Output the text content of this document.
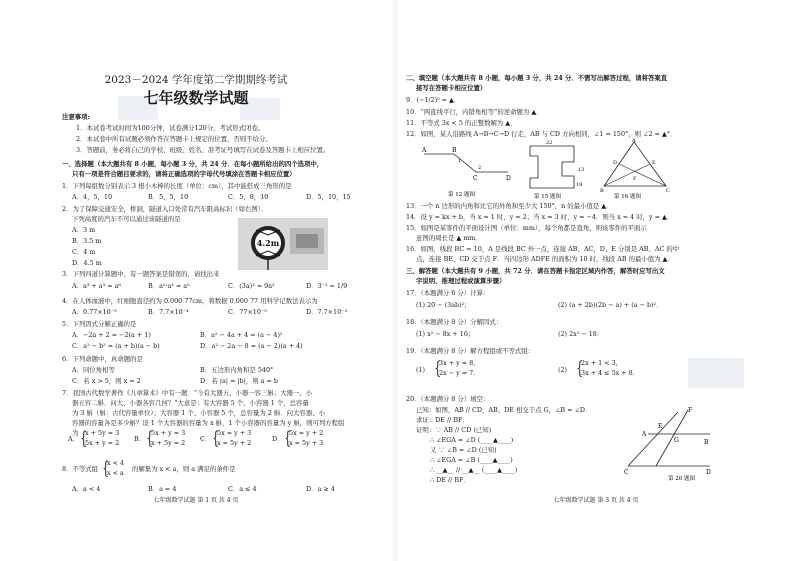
2023－2024 学年度第二学期期终考试
七年级数学试题
注意事项:
1．本试卷考试时间为100分钟，试卷满分120分，考试形式闭卷。
2．本试卷中所有试题必须作答在答题卡上规定的位置，否则不给分。
3．答题前，务必将自己的学校、班级、姓名、准考证号填写在试卷及答题卡上相应位置。
一、选择题（本大题共有 8 小题，每小题 3 分，共 24 分．在每小题所给出的四个选项中，
只有一项是符合题目要求的，请将正确选项的字母代号填涂在答题卡相应位置）
1．下列每组数分别表示 3 根小木棒的长度（单位：cm），其中能搭成三角形的是
A．4，5，10	B．5，5，10	C．5，8，10	D．5，10，15
2．为了保障交通安全，桥洞，隧道入口处常有汽车限高标识（如右图）．
下列高度的汽车不可以通过该隧道的是
A．3 m
B．3.5 m
C．4 m
D．4.5 m
4.2m
3．下列四道计算题中，有一题答案是错误的，请找出来
A．a³ + a³ = a⁶	B．a²·a³ = a⁵	C．(3a)² = 9a²	D．3⁻² = 1/9
4．在人体血液中，红细胞直径约为 0.000 77cm，将数据 0.000 77 用科学记数法表示为
A．0.77×10⁻⁵	B．7.7×10⁻⁴	C．77×10⁻⁵	D．7.7×10⁻³
5．下列因式分解正确的是
A．−2a + 2 = −2(a + 1)	B．a² − 4a + 4 = (a − 4)²
C．a² − b² = (a + b)(a − b)	D．a² − 2a − 8 = (a − 2)(a + 4)
6．下列命题中，真命题的是
A．同位角相等	B．五边形内角和是 540°
C．若 x > 5，则 x = 2	D．若 |a| = |b|，则 a = b
7．我国古代数学著作《九章算术》中有一题：“今有大器五、小器一容三斛；大器一、小
器五容二斛．问大、小器各容几何？”大意是：有大容器 5 个、小容器 1 个，总容量
为 3 斛（斛：古代容量单位）；大容器 1 个、小容器 5 个，总容量为 2 斛．问大容器、小
容器的容量各是多少斛？设 1 个大容器的容量为 x 斛，1 个小容器的容量为 y 斛，则可列方程组
为
A． {
x + 5y = 3
5x + y = 2 B． {
5x + y = 3
x + 5y = 2 C． {
5x = y + 3
x = 5y + 2	D． {
5x = y + 2
x = 5y + 3
8．不等式组 {
x < 4
x < a 的解集为 x < a，则 a 满足的条件是
A．a < 4	B．a = 4	C．a ≤ 4	D．a ≥ 4
七年级数学试题 第 1 页 共 4 页
二、填空题（本大题共有 8 小题，每小题 3 分，共 24 分．不需写出解答过程，请将答案直
接写在答题卡相应位置）
9．(−1/2)⁰ = ▲．
10．“两直线平行，内错角相等”的逆命题为 ▲．
11．不等式 3x < 5 的正整数解为 ▲．
12．如图，某人沿路线 A→B→C→D 行走，AB 与 CD 方向相同，∠1 = 150°，则 ∠2 = ▲°．
A	B
C	D
1
2
第 12 题图
22
13
18
第 15 题图
A
B	C
D	E
F
第 16 题图
13．一个 n 边形的内角和比它的外角和至少大 150°，n 的最小值是 ▲．
14．设 y = kx + b，当 x = 1 时，y = 2；当 x = 3 时，y = −4．则当 x = 4 时，y = ▲．
15．如图是某零件的平面设计图（单位：mm），每个角都是直角，则该零件的平面示
意图的周长是 ▲ mm．
16．如图，线段 BC = 10，A 是线段 BC 外一点，连接 AB、AC，D、E 分别是 AB、AC 的中
点，连接 BE、CD 交于点 F．当四边形 ADFE 的面积为 10 时，线段 AB 的最小值为 ▲．
三、解答题（本大题共有 9 小题，共 72 分．请在答题卡指定区域内作答，解答时应写出文
字说明、推理过程或演算步骤）
17．（本题满分 6 分）计算：
(1) 20 − (3ab)²；	(2) (a + 2b)(2b − a) + (a − b)²．
18．（本题满分 8 分）分解因式：
(1) x² − 8x + 16；	(2) 2x² − 18．
19．（本题满分 8 分）解方程组或不等式组：
(1) {
3x + y = 8,
2x − y = 7．	(2) {
2x + 1 < 3,
3x + 4 ≤ 5x + 8．
20．（本题满分 8 分）填空：
已知：如图，AB // CD，AB、DE 相交于点 G，∠B = ∠D．
求证：DE // BF．
证明：∵ AB // CD (已知)
∴ ∠EGA = ∠D (____▲____)
又 ∵ ∠B = ∠D (已知)
∴ ∠EGA = ∠B (____▲____)
∴ __▲__ // __▲__ (____▲____)
∴ DE // BF．
A
B
C	D
E
F
G
第 20 题图
七年级数学试题 第 3 页 共 4 页
